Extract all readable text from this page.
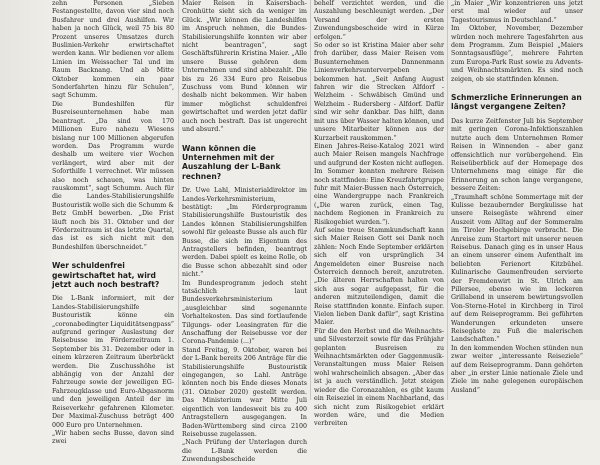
zehn Personen „Sieben Festangestellte, davon vier sind noch Busfahrer und drei Aushilfen. Wir haben ja noch Glück, weil 75 bis 80 Prozent unseres Umsatzes durch Buslinien-Verkehr erwirtschaftet werden kann. Wir bedienen vor allem Linien im Weissacher Tal und im Raum Backnang. Und ab Mitte Oktober kommen ein paar Sonderfahrten hinzu für Schulen“, sagt Schumm.

Die Bundeshilfen für Busreiseunternehmen habe man beantragt. „Da sind von 170 Millionen Euro nahezu Wiesens bislang nur 100 Millionen abgerufen worden. Das Programm wurde deshalb um weitere vier Wochen verlängert, wird aber mit der Soforthilfe 1 verrechnet. Wir müssen also noch schauen, was hinten rauskommt“, sagt Schumm. Auch für die Landes-Stabilisierungshilfe Bustouristik wolle sich die Schumm & Betz GmbH bewerben. „Die Frist läuft noch bis 31. Oktober und der Förderzeitraum ist das letzte Quartal, das ist es sich nicht mit den Bundeshilfen überschneidet.“

Wer schuldenfrei gewirtschaftet hat, wird jetzt auch noch bestraft?

Die L-Bank informiert, mit der Landes-Stabilisierungshilfe Bustouristik könne ein „coronabedingter Liquiditätsengpass“ aufgrund geringer Auslastung der Reisebusse im Förderzeitraum 1. September bis 31. Dezember oder in einem kürzeren Zeitraum überbrückt werden. Die Zuschusshöhe ist abhängig von der Anzahl der Fahrzeuge sowie der jeweiligen EG-Fahrzeugklasse und Euro-Abgasnorm und den jeweiligen Anteil der im Reiseverkehr gefahrenen Kilometer. Der Maximal-Zuschuss beträgt 400 000 Euro pro Unternehmen.

„Wir haben sechs Busse, davon sind zwei

Maier Reisen in Kaisersbach-Cronhütte sieht sich da weniger im Glück. „Wir können die Landeshilfen im Anspruch nehmen, die Bundes-Stabilisierungshilfe konnten wir aber nicht beantragen“, sagt Geschäftsführerin Kristina Maier. „Alle unsere Busse gehören dem Unternehmen und sind abbezahlt. Die bis zu 26 334 Euro pro Reisebus Zuschuss vom Bund können wir deshalb nicht bekommen. Wir haben immer möglichst schuldenfrei gewirtschaftet und werden jetzt dafür auch noch bestraft. Das ist ungerecht und absurd.“

Wann können die Unternehmen mit der Auszahlung der L-Bank rechnen?

Dr. Uwe Lahl, Ministerialdirektor im Landes-Verkehrsministerium, bestätigt: „Im Förderprogramm Stabilisierungshilfe Bustouristik des Landes können Stabilisierungshilfen sowohl für geleaste Busse als auch für Busse, die sich im Eigentum des Antragstellers befinden, beantragt werden. Dabei spielt es keine Rolle, ob die Busse schon abbezahlt sind oder nicht.“

Im Bundesprogramm jedoch steht tatsächlich laut Bundesverkehrsministerium „ausgleichbar sind sogenannte Vorhaltekosten. Das sind fortlaufende Tilgungs- oder Leasingraten für die Anschaffung der Reisebusse vor der Corona-Pandemie (...)“

Stand Freitag, 9. Oktober, waren bei der L-Bank bereits 206 Anträge für die Stabilisierungshilfe Bustouristik eingegangen, so Lahl. Anträge könnten noch bis Ende dieses Monats (31. Oktober 2020) gestellt werden. Das Ministerium war Mitte Juli eigentlich von landesweit bis zu 400 Antragstellern ausgegangen. In Baden-Württemberg sind circa 2100 Reisebusse zugelassen.

„Nach Prüfung der Unterlagen durch die L-Bank werden die Zuwendungsbescheide

behelf verzichtet werden, und die Auszahlung beschleunigt werden. „Der Versand der ersten Zuwendungsbescheide wird in Kürze erfolgen.“

So oder so ist Kristina Maier aber sehr froh darüber, dass Maier Reisen vom Busunternehmen Dannenmann Linienverkehrsunterverpeben bekommen hat. „Seit Anfang August fahren wir die Strecken Alfdorf - Welzheim - Schwäbisch Gmünd und Welzheim - Rudersberg - Alfdorf. Dafür sind wir sehr dankbar. Das hilft, dann mit uns über Wasser halten können, und unsere Mitarbeiter können aus der Kurzarbeit rauskommen.“

Einen Jahres-Reise-Katalog 2021 wird auch Maier Reisen mangels Nachfrage und aufgrund der Kosten nicht auflegen. Im Sommer konnten mehrere Reisen noch stattfinden: Eine Kreuzfahrtgruppe fuhr mit Maier-Bussen nach Österreich, eine Wandergruppe nach Frankreich („Die waren zurück, einen Tag, nachdem Regionen in Frankreich zu Risikogebiet wurden.“).

Auf seine treue Stammkundschaft kann sich Maier Reisen Gott sei Dank noch zählen: Noch Ende September erklärten sich elf von ursprünglich 34 Angemeldeten einer Busreise nach Österreich dennoch bereit, anzutreten. „Die älteren Herrschaften halten von sich aus sogar aufgepasst, für die anderen mitzuteilendigen, damit die Reise stattfinden konnte. Einfach super. Vielen lieben Dank dafür“, sagt Kristina Maier.

Für die den Herbst und die Weihnachts- und Silvesterzeit sowie für das Frühjahr geplanten Busreisen zu Weihnachtsmärkten oder Gaggenmusik-Veranstaltungen muss Maier Reisen wohl wahrscheinlich absagen. „Aber das ist ja auch verständlich. Jetzt steigen wieder die Coronazahlen, es gibt kaum ein Reiseziel in einem Nachbarland, das sich nicht zum Risikogebiet erklärt worden wäre, und die Medien verbreiten

„in Maier „Wir konzentrieren uns jetzt erst mal wieder auf unser Tagestourismus in Deutschland.“

Im Oktober, November, Dezember würden noch mehrere Tagesfahrten aus dem Programm. Zum Beispiel „Maiers Sonntagsausflüge“, mehrere Fahrten zum Europa-Park Rust sowie zu Advents- und Weihnachtsmärkten. Es sind noch zeigen, ob sie stattfinden können.

Schmerzliche Erinnerungen an längst vergangene Zeiten?

Das kurze Zeitfenster Juli bis September mit geringen Corona-Infektionszahlen nutzte auch dem Unternehmen Romer Reisen in Winnenden – aber ganz offensichtlich nur vorübergehend. Ein Reiseüberblick auf der Homepage des Unternehmens mag einige für die Erinnerung an schon lange vergangene, bessere Zeiten:

„Traumhaft schöne Sommertage mit der Kulisse bezaubernder Bergkulisse hat unsere Reisegäste während einer Auszeit vom Alltag auf der Sommeralm im Tiroler Hochgebirge verbracht. Die Anreise zum Startort mit unserer neuen Reisebus. Danach ging es in unser Haus an einem unserer einem Aufenthalt im beliebten Ferienort Kitzbühel. Kulinarische Gaumenfreuden servierte der Fremdenwirt in St. Ulrich am Pillersee, ebenso wie im leckeren Grillabend in unserem bewirtungsvollen Von-Sterne-Hotel in Kirchberg in Tirol auf dem Reiseprogramm. Bei geführten Wanderungen erkundeten unsere Reisegäste zu Fuß die malerischen Landschaften.“

In den kommenden Wochen stünden nun zwar weiter „interessante Reiseziele“ auf dem Reiseprogramm. Dann gehörten aber „in erster Linie nationale Ziele und Ziele im nahe gelegenen europäischen Ausland“
